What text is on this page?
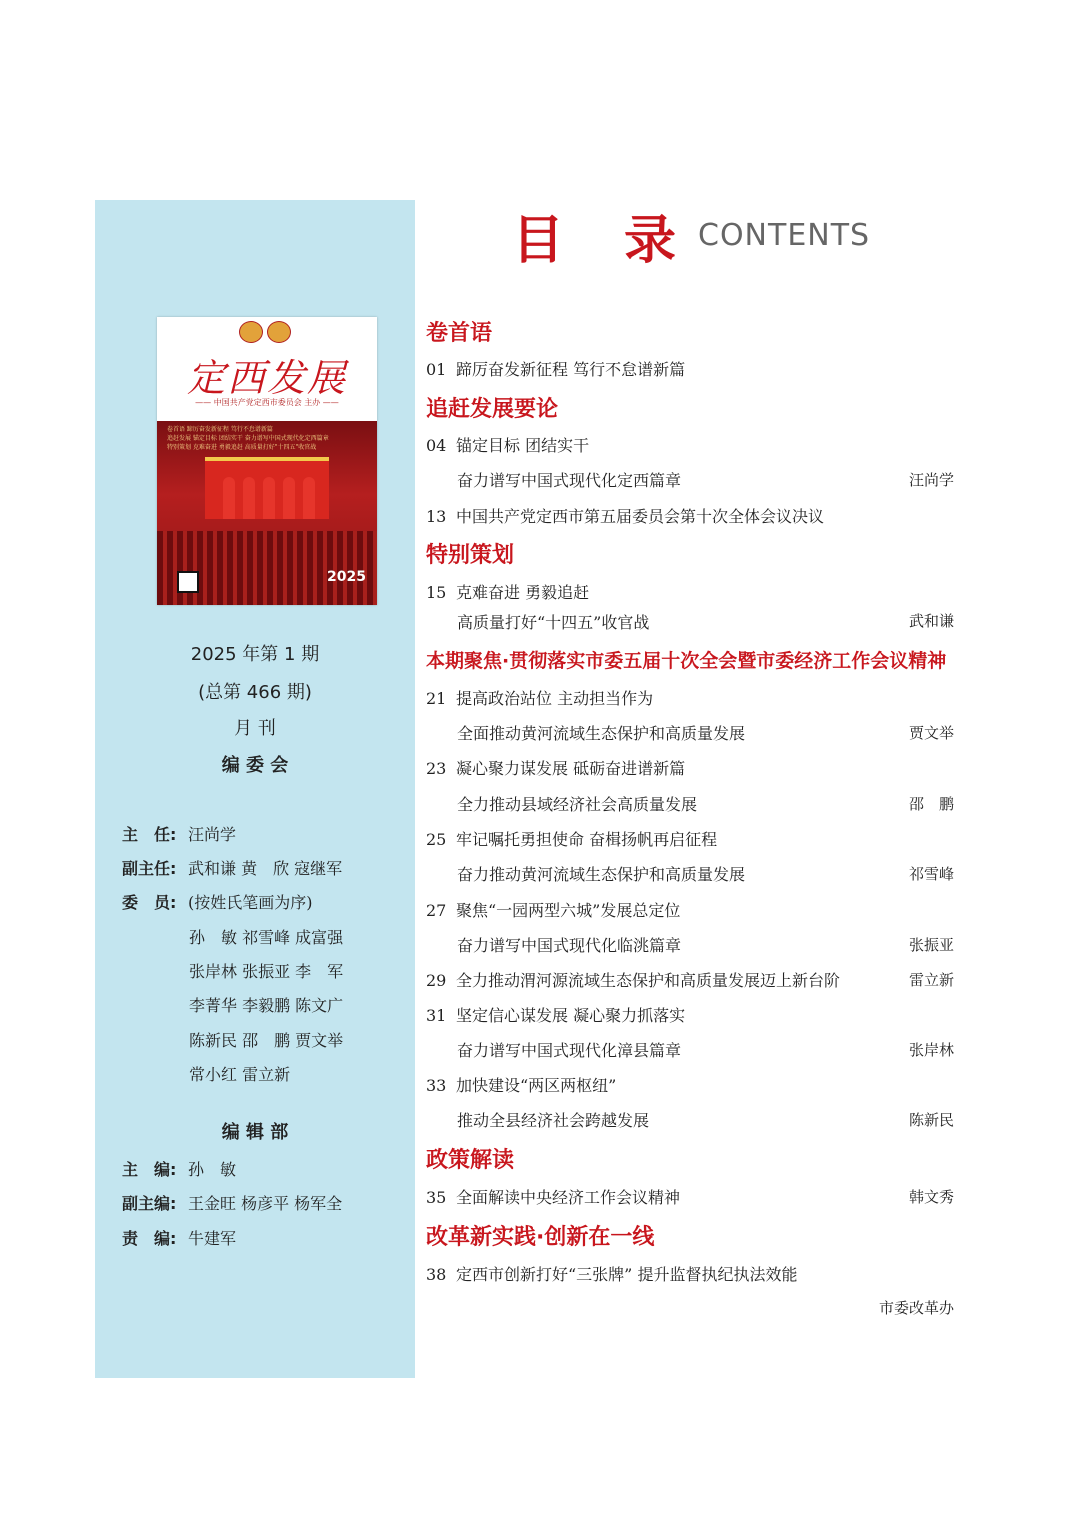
定西发展
—— 中国共产党定西市委员会 主办 ——
卷首语 蹄厉奋发新征程 笃行不怠谱新篇
追赶发展 锚定目标 团结实干 奋力谱写中国式现代化定西篇章
特别策划 克难奋进 勇毅追赶 高质量打好"十四五"收官战
2025
2025 年第 1 期
(总第 466 期)
月 刊
编 委 会
主　任: 汪尚学
副主任: 武和谦 黄　欣 寇继军
委　员: (按姓氏笔画为序)
孙　敏 祁雪峰 成富强
张岸林 张振亚 李　军
李菁华 李毅鹏 陈文广
陈新民 邵　鹏 贾文举
常小红 雷立新
编 辑 部
主　编: 孙　敏
副主编: 王金旺 杨彦平 杨军全
责　编: 牛建军
目录
CONTENTS
卷首语
01 蹄厉奋发新征程 笃行不怠谱新篇
追赶发展要论
04 锚定目标 团结实干
奋力谱写中国式现代化定西篇章	汪尚学
13 中国共产党定西市第五届委员会第十次全体会议决议
特别策划
15 克难奋进 勇毅追赶
高质量打好“十四五”收官战	武和谦
本期聚焦·贯彻落实市委五届十次全会暨市委经济工作会议精神
21 提高政治站位 主动担当作为
全面推动黄河流域生态保护和高质量发展	贾文举
23 凝心聚力谋发展 砥砺奋进谱新篇
全力推动县域经济社会高质量发展	邵　鹏
25 牢记嘱托勇担使命 奋楫扬帆再启征程
奋力推动黄河流域生态保护和高质量发展	祁雪峰
27 聚焦“一园两型六城”发展总定位
奋力谱写中国式现代化临洮篇章	张振亚
29 全力推动渭河源流域生态保护和高质量发展迈上新台阶	雷立新
31 坚定信心谋发展 凝心聚力抓落实
奋力谱写中国式现代化漳县篇章	张岸林
33 加快建设“两区两枢纽”
推动全县经济社会跨越发展	陈新民
政策解读
35 全面解读中央经济工作会议精神	韩文秀
改革新实践·创新在一线
38 定西市创新打好“三张牌” 提升监督执纪执法效能
市委改革办
